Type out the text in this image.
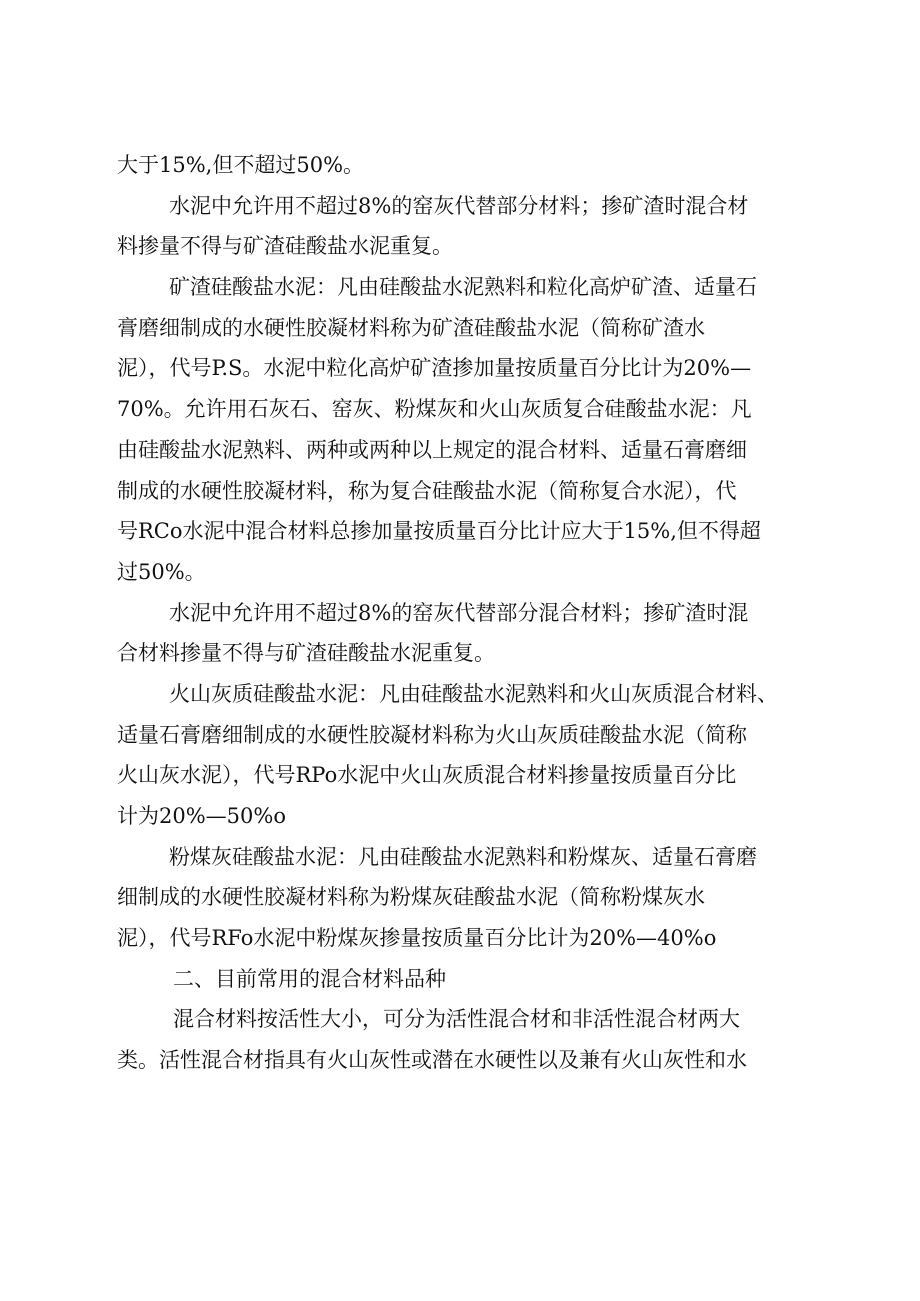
大于15%,但不超过50%。
水泥中允许用不超过8%的窑灰代替部分材料；掺矿渣时混合材
料掺量不得与矿渣硅酸盐水泥重复。
矿渣硅酸盐水泥：凡由硅酸盐水泥熟料和粒化高炉矿渣、适量石
膏磨细制成的水硬性胶凝材料称为矿渣硅酸盐水泥（简称矿渣水
泥），代号P.S。水泥中粒化高炉矿渣掺加量按质量百分比计为20%—
70%。允许用石灰石、窑灰、粉煤灰和火山灰质复合硅酸盐水泥：凡
由硅酸盐水泥熟料、两种或两种以上规定的混合材料、适量石膏磨细
制成的水硬性胶凝材料，称为复合硅酸盐水泥（简称复合水泥），代
号RCo水泥中混合材料总掺加量按质量百分比计应大于15%,但不得超
过50%。
水泥中允许用不超过8%的窑灰代替部分混合材料；掺矿渣时混
合材料掺量不得与矿渣硅酸盐水泥重复。
火山灰质硅酸盐水泥：凡由硅酸盐水泥熟料和火山灰质混合材料、
适量石膏磨细制成的水硬性胶凝材料称为火山灰质硅酸盐水泥（简称
火山灰水泥），代号RPo水泥中火山灰质混合材料掺量按质量百分比
计为20%—50%o
粉煤灰硅酸盐水泥：凡由硅酸盐水泥熟料和粉煤灰、适量石膏磨
细制成的水硬性胶凝材料称为粉煤灰硅酸盐水泥（简称粉煤灰水
泥），代号RFo水泥中粉煤灰掺量按质量百分比计为20%—40%o
二、目前常用的混合材料品种
混合材料按活性大小，可分为活性混合材和非活性混合材两大
类。活性混合材指具有火山灰性或潜在水硬性以及兼有火山灰性和水
